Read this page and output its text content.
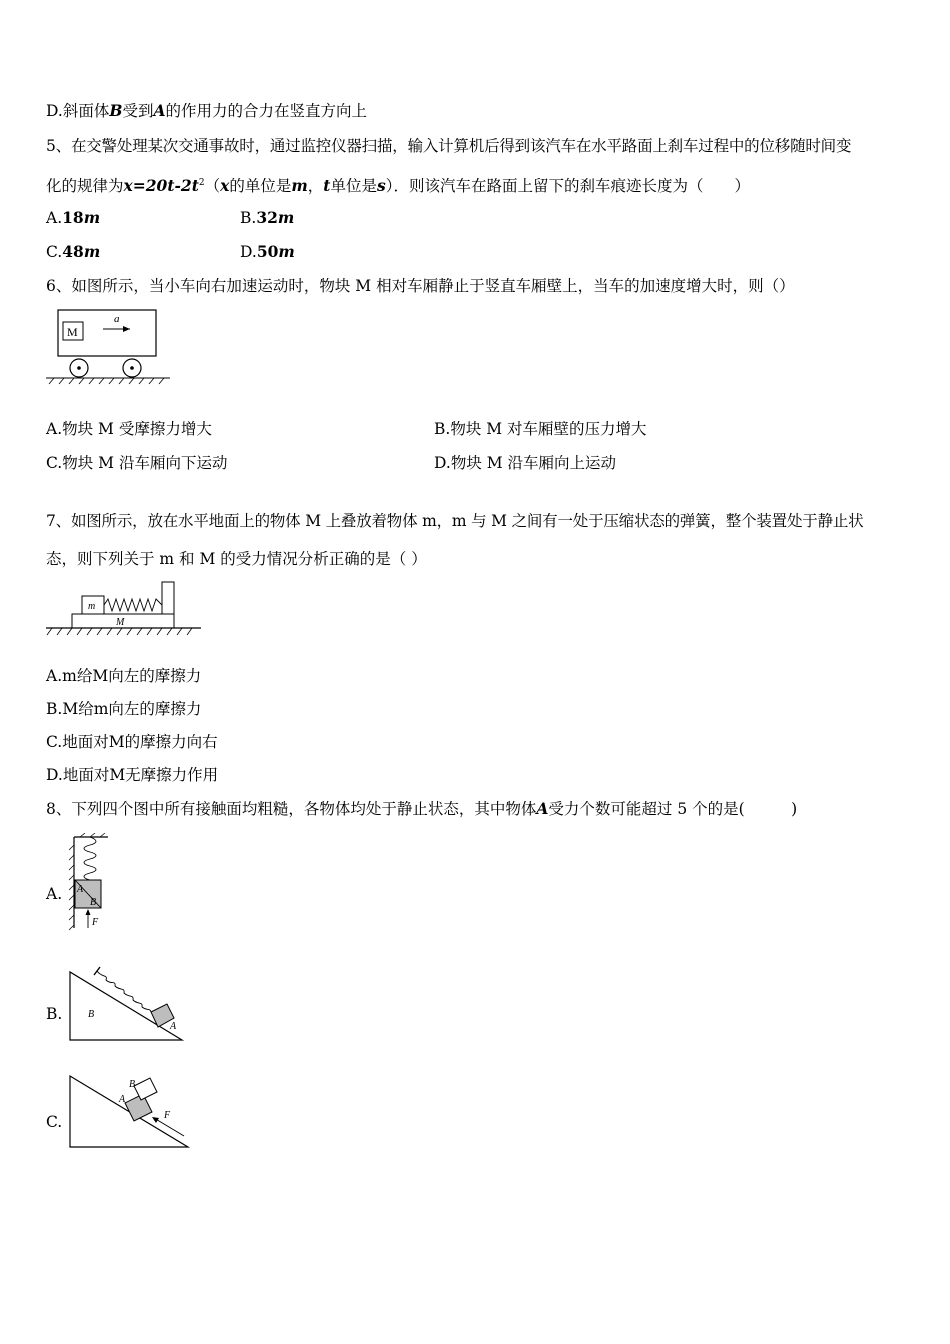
D.斜面体B受到A的作用力的合力在竖直方向上
5、在交警处理某次交通事故时，通过监控仪器扫描，输入计算机后得到该汽车在水平路面上刹车过程中的位移随时间变
化的规律为$x=20t-2t^2(x$的单位是m，t单位是s）．则该汽车在路面上留下的刹车痕迹长度为（　　）
A.18m	B.32m
C.48m	D.50m
6、如图所示，当小车向右加速运动时，物块 M 相对车厢静止于竖直车厢壁上，当车的加速度增大时，则（）
M
a
A.物块 M 受摩擦力增大	B.物块 M 对车厢壁的压力增大
C.物块 M 沿车厢向下运动	D.物块 M 沿车厢向上运动
7、如图所示，放在水平地面上的物体 M 上叠放着物体 m，m 与 M 之间有一处于压缩状态的弹簧，整个装置处于静止状
态，则下列关于 m 和 M 的受力情况分析正确的是（ ）
M
m
A.m给M向左的摩擦力
B.M给m向左的摩擦力
C.地面对M的摩擦力向右
D.地面对M无摩擦力作用
8、下列四个图中所有接触面均粗糙，各物体均处于静止状态，其中物体A受力个数可能超过 5 个的是(　　　)
A. A
B
F
B.	B
A
C.
B
A
F
